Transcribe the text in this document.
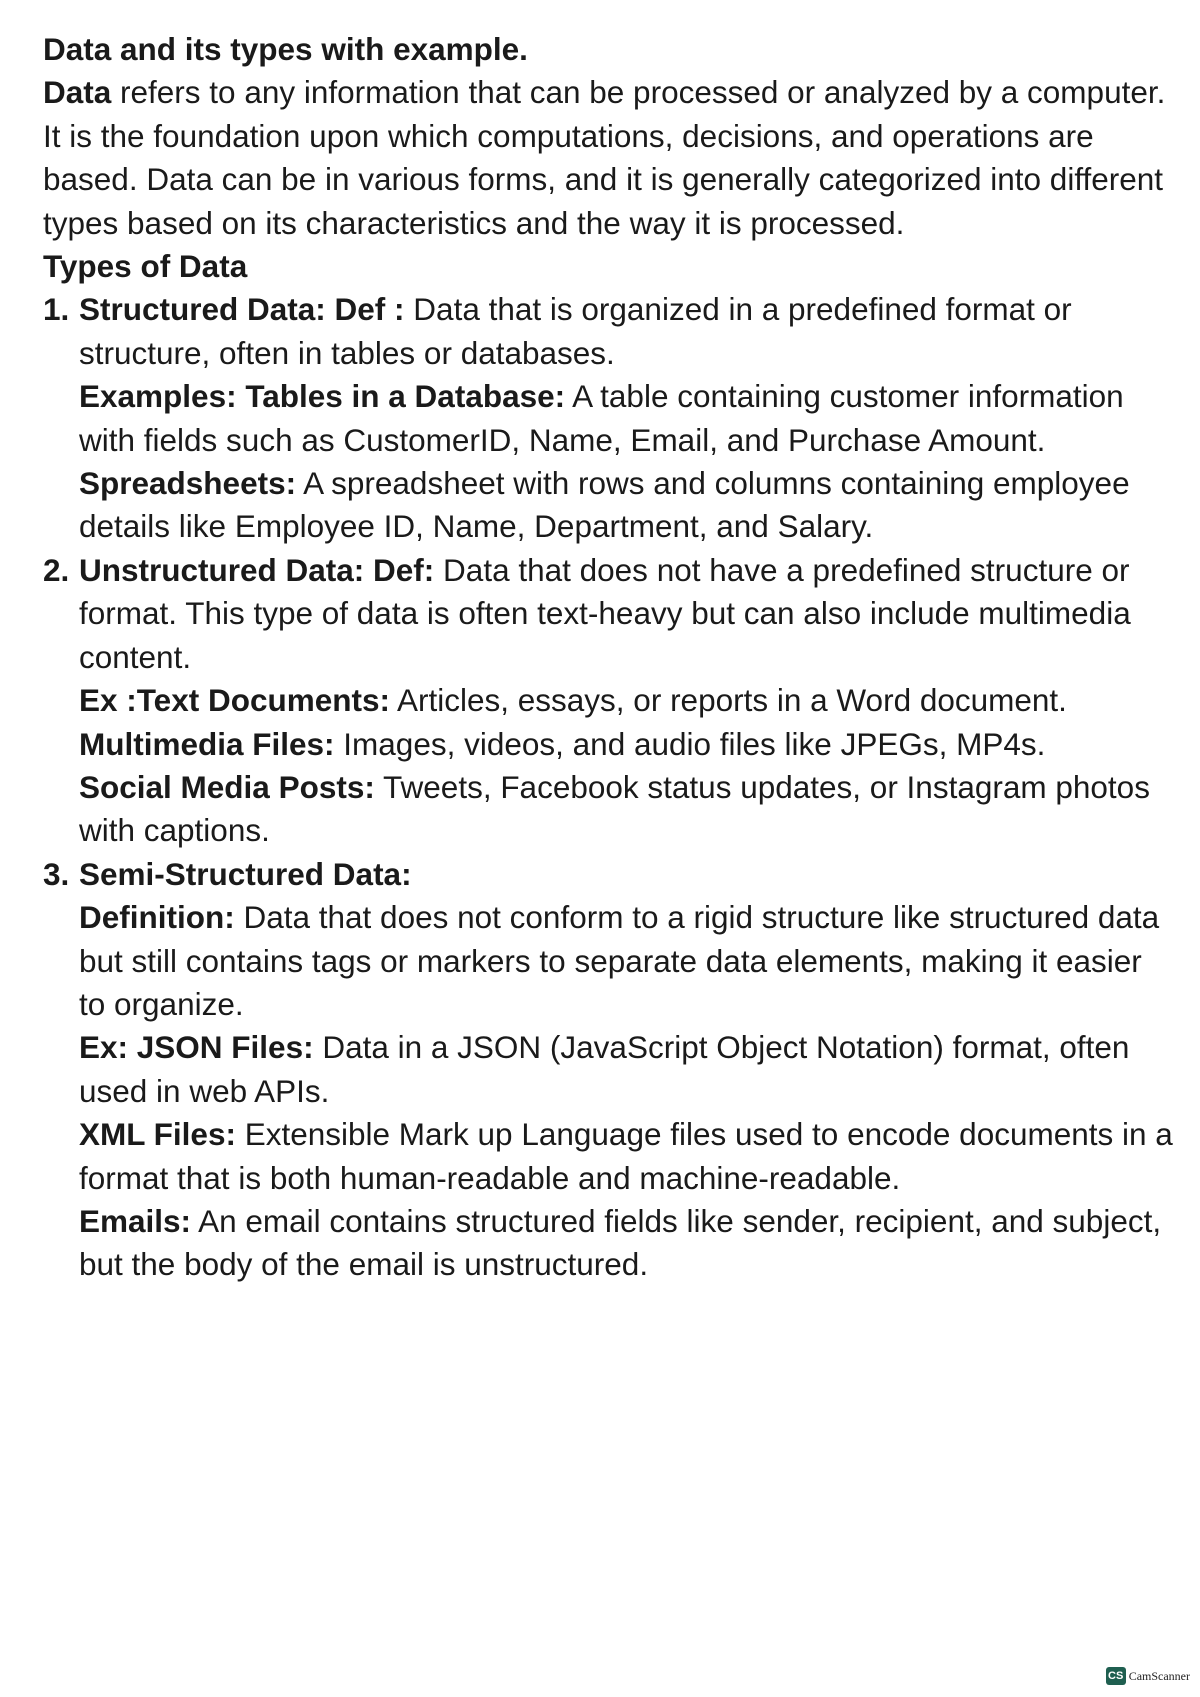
Data and its types with example.

Data refers to any information that can be processed or analyzed by a computer. It is the foundation upon which computations, decisions, and operations are based. Data can be in various forms, and it is generally categorized into different types based on its characteristics and the way it is processed.

Types of Data

1. Structured Data: Def : Data that is organized in a predefined format or structure, often in tables or databases.

Examples: Tables in a Database: A table containing customer information with fields such as CustomerID, Name, Email, and Purchase Amount.

Spreadsheets: A spreadsheet with rows and columns containing employee details like Employee ID, Name, Department, and Salary.

2. Unstructured Data: Def: Data that does not have a predefined structure or format. This type of data is often text-heavy but can also include multimedia content.

Ex :Text Documents: Articles, essays, or reports in a Word document.

Multimedia Files: Images, videos, and audio files like JPEGs, MP4s.

Social Media Posts: Tweets, Facebook status updates, or Instagram photos with captions.

3. Semi-Structured Data:

Definition: Data that does not conform to a rigid structure like structured data but still contains tags or markers to separate data elements, making it easier to organize.

Ex: JSON Files: Data in a JSON (JavaScript Object Notation) format, often used in web APIs.

XML Files: Extensible Mark up Language files used to encode documents in a format that is both human-readable and machine-readable.

Emails: An email contains structured fields like sender, recipient, and subject, but the body of the email is unstructured.

CS CamScanner
